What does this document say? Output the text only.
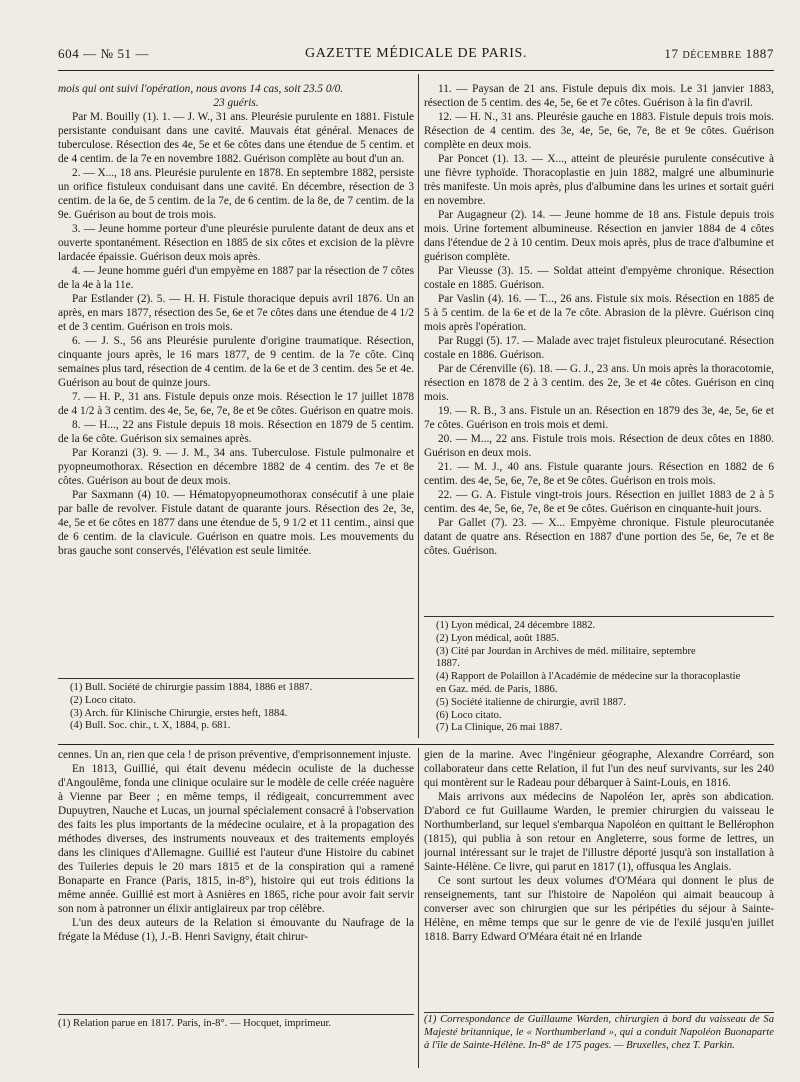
604 — № 51 —	GAZETTE MÉDICALE DE PARIS.	17 DÉCEMBRE 1887

mois qui ont suivi l'opération, nous avons 14 cas, soit 23.5 0/0.

23 guéris.

Par M. Bouilly (1). 1. — J. W., 31 ans. Pleurésie purulente en 1881. Fistule persistante conduisant dans une cavité. Mauvais état général. Menaces de tuberculose. Résection des 4e, 5e et 6e côtes dans une étendue de 5 centim. et de 4 centim. de la 7e en novembre 1882. Guérison complète au bout d'un an.

2. — X..., 18 ans. Pleurésie purulente en 1878. En septembre 1882, persiste un orifice fistuleux conduisant dans une cavité. En décembre, résection de 3 centim. de la 6e, de 5 centim. de la 7e, de 6 centim. de la 8e, de 7 centim. de la 9e. Guérison au bout de trois mois.

3. — Jeune homme porteur d'une pleurésie purulente datant de deux ans et ouverte spontanément. Résection en 1885 de six côtes et excision de la plèvre lardacée épaissie. Guérison deux mois après.

4. — Jeune homme guéri d'un empyème en 1887 par la résection de 7 côtes de la 4e à la 11e.

Par Estlander (2). 5. — H. H. Fistule thoracique depuis avril 1876. Un an après, en mars 1877, résection des 5e, 6e et 7e côtes dans une étendue de 4 1/2 et de 3 centim. Guérison en trois mois.

6. — J. S., 56 ans Pleurésie purulente d'origine traumatique. Résection, cinquante jours après, le 16 mars 1877, de 9 centim. de la 7e côte. Cinq semaines plus tard, résection de 4 centim. de la 6e et de 3 centim. des 5e et 4e. Guérison au bout de quinze jours.

7. — H. P., 31 ans. Fistule depuis onze mois. Résection le 17 juillet 1878 de 4 1/2 à 3 centim. des 4e, 5e, 6e, 7e, 8e et 9e côtes. Guérison en quatre mois.

8. — H..., 22 ans Fistule depuis 18 mois. Résection en 1879 de 5 centim. de la 6e côte. Guérison six semaines après.

Par Koranzi (3). 9. — J. M., 34 ans. Tuberculose. Fistule pulmonaire et pyopneumothorax. Résection en décembre 1882 de 4 centim. des 7e et 8e côtes. Guérison au bout de deux mois.

Par Saxmann (4) 10. — Hématopyopneumothorax consécutif à une plaie par balle de revolver. Fistule datant de quarante jours. Résection des 2e, 3e, 4e, 5e et 6e côtes en 1877 dans une étendue de 5, 9 1/2 et 11 centim., ainsi que de 6 centim. de la clavicule. Guérison en quatre mois. Les mouvements du bras gauche sont conservés, l'élévation est seule limitée.

(1) Bull. Société de chirurgie passim 1884, 1886 et 1887.
(2) Loco citato.
(3) Arch. für Klinische Chirurgie, erstes heft, 1884.
(4) Bull. Soc. chir., t. X, 1884, p. 681.

11. — Paysan de 21 ans. Fistule depuis dix mois. Le 31 janvier 1883, résection de 5 centim. des 4e, 5e, 6e et 7e côtes. Guérison à la fin d'avril.

12. — H. N., 31 ans. Pleurésie gauche en 1883. Fistule depuis trois mois. Résection de 4 centim. des 3e, 4e, 5e, 6e, 7e, 8e et 9e côtes. Guérison complète en deux mois.

Par Poncet (1). 13. — X..., atteint de pleurésie purulente consécutive à une fièvre typhoïde. Thoracoplastie en juin 1882, malgré une albuminurie très manifeste. Un mois après, plus d'albumine dans les urines et sortait guéri en novembre.

Par Augagneur (2). 14. — Jeune homme de 18 ans. Fistule depuis trois mois. Urine fortement albumineuse. Résection en janvier 1884 de 4 côtes dans l'étendue de 2 à 10 centim. Deux mois après, plus de trace d'albumine et guérison complète.

Par Vieusse (3). 15. — Soldat atteint d'empyème chronique. Résection costale en 1885. Guérison.

Par Vaslin (4). 16. — T..., 26 ans. Fistule six mois. Résection en 1885 de 5 à 5 centim. de la 6e et de la 7e côte. Abrasion de la plèvre. Guérison cinq mois après l'opération.

Par Ruggi (5). 17. — Malade avec trajet fistuleux pleurocutané. Résection costale en 1886. Guérison.

Par de Cérenville (6). 18. — G. J., 23 ans. Un mois après la thoracotomie, résection en 1878 de 2 à 3 centim. des 2e, 3e et 4e côtes. Guérison en cinq mois.

19. — R. B., 3 ans. Fistule un an. Résection en 1879 des 3e, 4e, 5e, 6e et 7e côtes. Guérison en trois mois et demi.

20. — M..., 22 ans. Fistule trois mois. Résection de deux côtes en 1880. Guérison en deux mois.

21. — M. J., 40 ans. Fistule quarante jours. Résection en 1882 de 6 centim. des 4e, 5e, 6e, 7e, 8e et 9e côtes. Guérison en trois mois.

22. — G. A. Fistule vingt-trois jours. Résection en juillet 1883 de 2 à 5 centim. des 4e, 5e, 6e, 7e, 8e et 9e côtes. Guérison en cinquante-huit jours.

Par Gallet (7). 23. — X... Empyème chronique. Fistule pleurocutanée datant de quatre ans. Résection en 1887 d'une portion des 5e, 6e, 7e et 8e côtes. Guérison.

(1) Lyon médical, 24 décembre 1882.
(2) Lyon médical, août 1885.
(3) Cité par Jourdan in Archives de méd. militaire, septembre
1887.
(4) Rapport de Polaillon à l'Académie de médecine sur la thoracoplastie
en Gaz. méd. de Paris, 1886.
(5) Société italienne de chirurgie, avril 1887.
(6) Loco citato.
(7) La Clinique, 26 mai 1887.

cennes. Un an, rien que cela ! de prison préventive, d'emprisonnement injuste.

En 1813, Guillié, qui était devenu médecin oculiste de la duchesse d'Angoulême, fonda une clinique oculaire sur le modèle de celle créée naguère à Vienne par Beer ; en même temps, il rédigeait, concurremment avec Dupuytren, Nauche et Lucas, un journal spécialement consacré à l'observation des faits les plus importants de la médecine oculaire, et à la propagation des méthodes diverses, des instruments nouveaux et des traitements employés dans les cliniques d'Allemagne. Guillié est l'auteur d'une Histoire du cabinet des Tuileries depuis le 20 mars 1815 et de la conspiration qui a ramené Bonaparte en France (Paris, 1815, in-8°), histoire qui eut trois éditions la même année. Guillié est mort à Asnières en 1865, riche pour avoir fait servir son nom à patronner un élixir antiglaireux par trop célèbre.

L'un des deux auteurs de la Relation si émouvante du Naufrage de la frégate la Méduse (1), J.-B. Henri Savigny, était chirur-

(1) Relation parue en 1817. Paris, in-8°. — Hocquet, imprimeur.

gien de la marine. Avec l'ingénieur géographe, Alexandre Corréard, son collaborateur dans cette Relation, il fut l'un des neuf survivants, sur les 240 qui montèrent sur le Radeau pour débarquer à Saint-Louis, en 1816.

Mais arrivons aux médecins de Napoléon Ier, après son abdication. D'abord ce fut Guillaume Warden, le premier chirurgien du vaisseau le Northumberland, sur lequel s'embarqua Napoléon en quittant le Bellérophon (1815), qui publia à son retour en Angleterre, sous forme de lettres, un journal intéressant sur le trajet de l'illustre déporté jusqu'à son installation à Sainte-Hélène. Ce livre, qui parut en 1817 (1), offusqua les Anglais.

Ce sont surtout les deux volumes d'O'Méara qui donnent le plus de renseignements, tant sur l'histoire de Napoléon qui aimait beaucoup à converser avec son chirurgien que sur les péripéties du séjour à Sainte-Hélène, en même temps que sur le genre de vie de l'exilé jusqu'en juillet 1818. Barry Edward O'Méara était né en Irlande

(1) Correspondance de Guillaume Warden, chirurgien à bord du vaisseau de Sa Majesté britannique, le « Northumberland », qui a conduit Napoléon Buonaparte à l'île de Sainte-Hélène. In-8° de 175 pages. — Bruxelles, chez T. Parkin.
